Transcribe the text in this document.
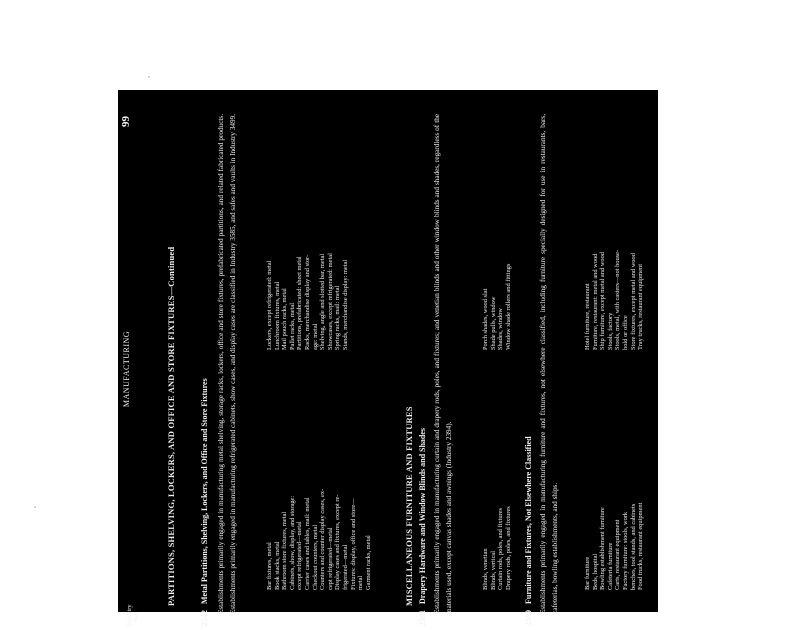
MANUFACTURING
99
Industry No.
PARTITIONS, SHELVING, LOCKERS, AND OFFICE AND STORE FIXTURES—Continued
2542
Metal Partitions, Shelving, Lockers, and Office and Store Fixtures Establishments primarily engaged in manufacturing metal shelving, storage racks, lockers, office and store fixtures, prefabricated partitions, and related fabricated products. Establishments primarily engaged in manufacturing refrigerated cabinets, show cases, and display cases are classified in Industry 3585, and safes and vaults in Industry 3499.	Bar fixtures, metal Book stacks, metal Bathroom store fixtures, metal Cabinets, show, display, and storage: except refrigerated—metal Carrier cases and tables, mail: metal Checkout counters, metal Counters and counter display cases, ex- cept refrigerated—metal Display cases and fixtures, except re- frigerated—metal Fixtures: display, office and store— metal Garment racks, metal
Lockers, except refrigerated: metal Lunchroom fixtures, metal Mail pouch racks, metal Pallet racks, metal Partitions, prefabricated: sheet metal Racks, merchandise display and stor- age: metal Shelving, angle and slotted bar, metal Showcases, except refrigerated: metal Spring racks, mail: metal Stands, merchandise display: metal
MISCELLANEOUS FURNITURE AND FIXTURES
2591
Drapery Hardware and Window Blinds and Shades Establishments primarily engaged in manufacturing curtain and drapery rods, poles, and fixtures; and venetian blinds and other window blinds and shades, regardless of the materials used, except canvas shades and awnings (Industry 2394).	Blinds, venetian Blinds, vertical Curtain rods, poles, and fixtures Drapery rods, poles, and fixtures
Porch shades, wood slat Shade pulls, window Shades, window Window shade rollers and fittings
2599
Furniture and Fixtures, Not Elsewhere Classified Establishments primarily engaged in manufacturing furniture and fixtures, not elsewhere classified, including furniture specially designed for use in restaurants, bars, cafeterias, bowling establishments, and ships.	Bar furniture Beds, hospital Bowling establishment furniture Cafeteria furniture Carts, restaurant equipment Factory furniture: stools, work benches, tool stands, and cabinets Food trucks, restaurant equipment
Hotel furniture, restaurant Furniture, restaurant: metal and wood Ship furniture, except metal and wood Stools, factory Stools, metal, with casters—not house- hold or office Store fixtures, except metal and wood Tray trucks, restaurant equipment
